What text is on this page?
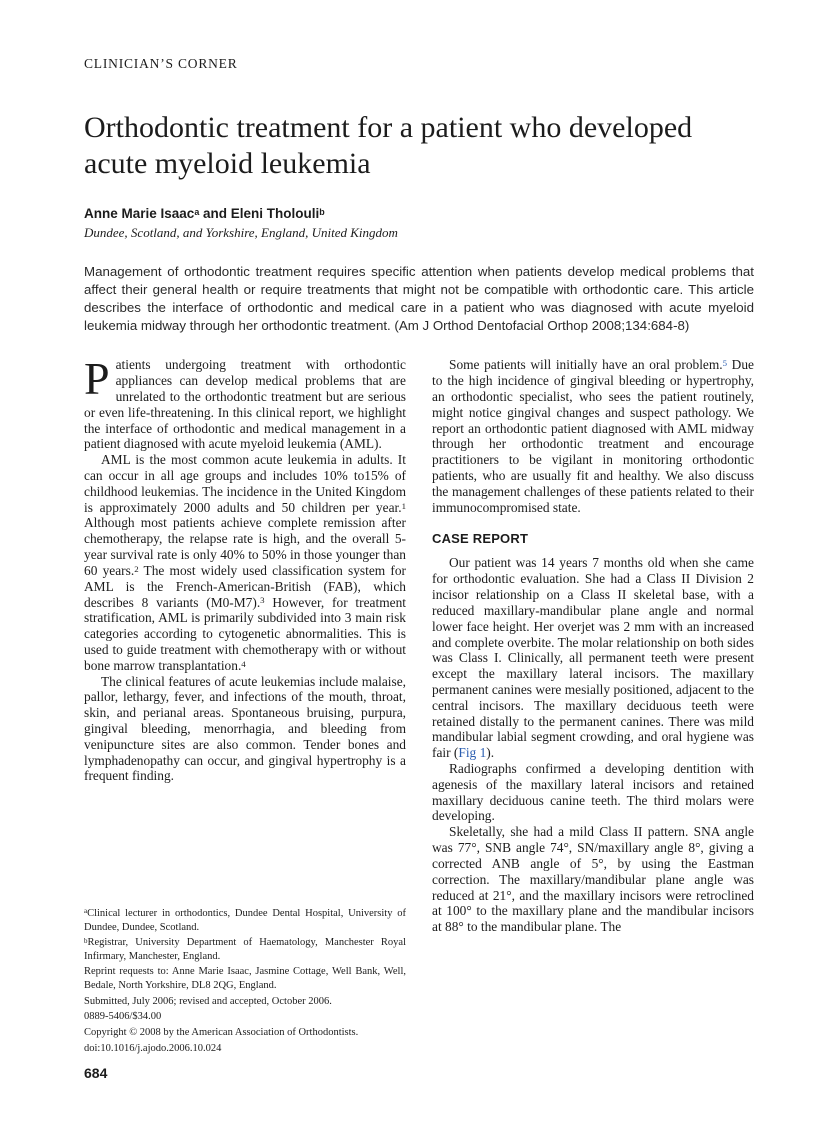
CLINICIAN’S CORNER
Orthodontic treatment for a patient who developed acute myeloid leukemia
Anne Marie Isaac$^a$ and Eleni Tholouli$^b$
Dundee, Scotland, and Yorkshire, England, United Kingdom

Management of orthodontic treatment requires specific attention when patients develop medical problems that affect their general health or require treatments that might not be compatible with orthodontic care. This article describes the interface of orthodontic and medical care in a patient who was diagnosed with acute myeloid leukemia midway through her orthodontic treatment. (Am J Orthod Dentofacial Orthop 2008;134:684-8)

Patients undergoing treatment with orthodontic appliances can develop medical problems that are unrelated to the orthodontic treatment but are serious or even life-threatening. In this clinical report, we highlight the interface of orthodontic and medical management in a patient diagnosed with acute myeloid leukemia (AML).

AML is the most common acute leukemia in adults. It can occur in all age groups and includes 10% to15% of childhood leukemias. The incidence in the United Kingdom is approximately 2000 adults and 50 children per year.$^1$ Although most patients achieve complete remission after chemotherapy, the relapse rate is high, and the overall 5-year survival rate is only 40% to 50% in those younger than 60 years.$^2$ The most widely used classification system for AML is the French-American-British (FAB), which describes 8 variants (M0-M7).$^3$ However, for treatment stratification, AML is primarily subdivided into 3 main risk categories according to cytogenetic abnormalities. This is used to guide treatment with chemotherapy with or without bone marrow transplantation.$^4$

The clinical features of acute leukemias include malaise, pallor, lethargy, fever, and infections of the mouth, throat, skin, and perianal areas. Spontaneous bruising, purpura, gingival bleeding, menorrhagia, and bleeding from venipuncture sites are also common. Tender bones and lymphadenopathy can occur, and gingival hypertrophy is a frequent finding.

$^a$Clinical lecturer in orthodontics, Dundee Dental Hospital, University of Dundee, Dundee, Scotland.

$^b$Registrar, University Department of Haematology, Manchester Royal Infirmary, Manchester, England.

Reprint requests to: Anne Marie Isaac, Jasmine Cottage, Well Bank, Well, Bedale, North Yorkshire, DL8 2QG, England.

Submitted, July 2006; revised and accepted, October 2006.

0889-5406/$34.00

Copyright © 2008 by the American Association of Orthodontists.

doi:10.1016/j.ajodo.2006.10.024

Some patients will initially have an oral problem.$^5$ Due to the high incidence of gingival bleeding or hypertrophy, an orthodontic specialist, who sees the patient routinely, might notice gingival changes and suspect pathology. We report an orthodontic patient diagnosed with AML midway through her orthodontic treatment and encourage practitioners to be vigilant in monitoring orthodontic patients, who are usually fit and healthy. We also discuss the management challenges of these patients related to their immunocompromised state.

CASE REPORT

Our patient was 14 years 7 months old when she came for orthodontic evaluation. She had a Class II Division 2 incisor relationship on a Class II skeletal base, with a reduced maxillary-mandibular plane angle and normal lower face height. Her overjet was 2 mm with an increased and complete overbite. The molar relationship on both sides was Class I. Clinically, all permanent teeth were present except the maxillary lateral incisors. The maxillary permanent canines were mesially positioned, adjacent to the central incisors. The maxillary deciduous teeth were retained distally to the permanent canines. There was mild mandibular labial segment crowding, and oral hygiene was fair (Fig 1).

Radiographs confirmed a developing dentition with agenesis of the maxillary lateral incisors and retained maxillary deciduous canine teeth. The third molars were developing.

Skeletally, she had a mild Class II pattern. SNA angle was 77°, SNB angle 74°, SN/maxillary angle 8°, giving a corrected ANB angle of 5°, by using the Eastman correction. The maxillary/mandibular plane angle was reduced at 21°, and the maxillary incisors were retroclined at 100° to the maxillary plane and the mandibular incisors at 88° to the mandibular plane. The

684
